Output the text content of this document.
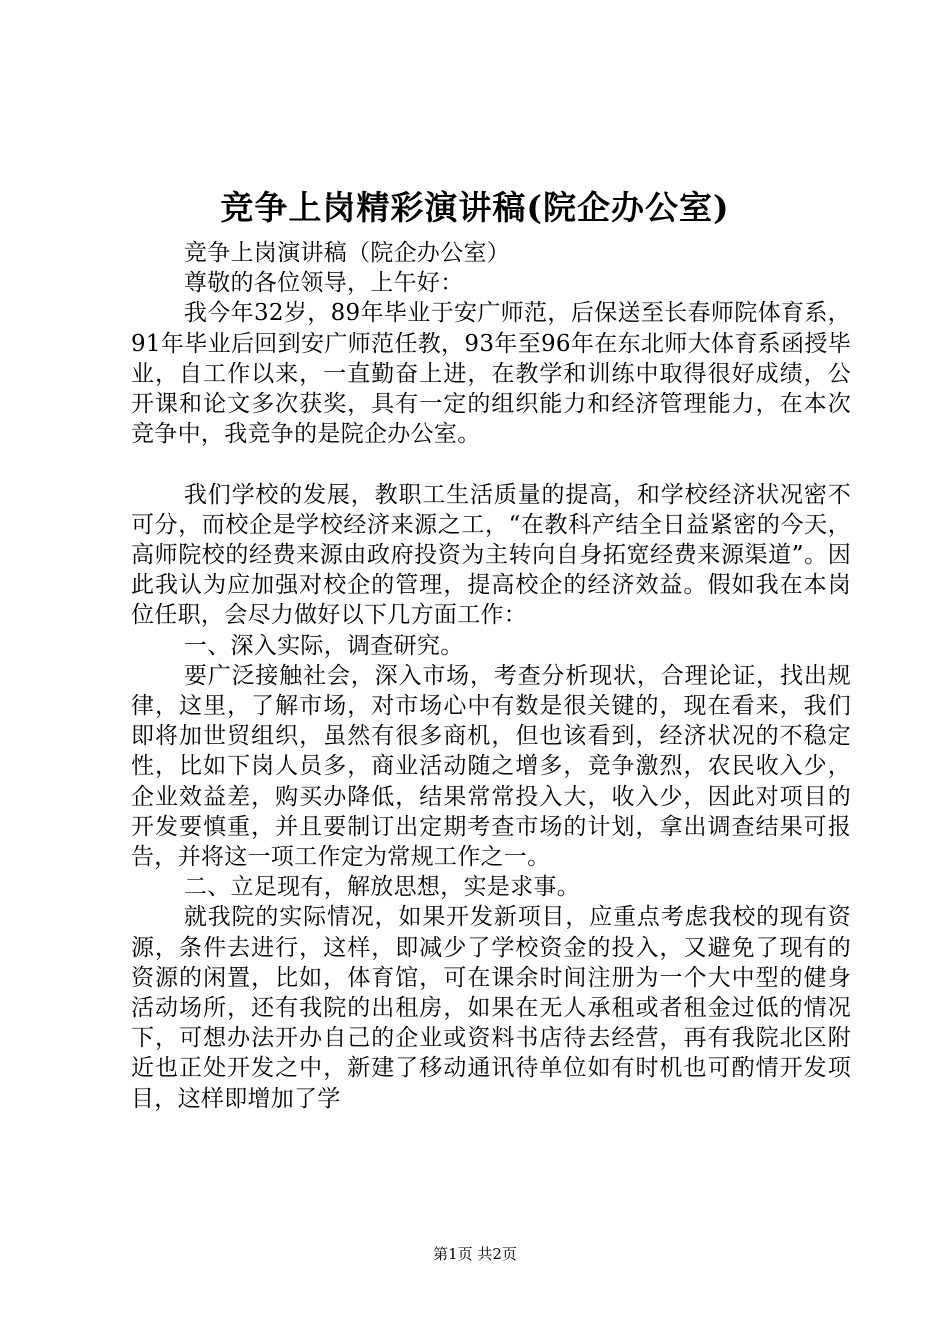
竞争上岗精彩演讲稿(院企办公室)

竞争上岗演讲稿（院企办公室）

尊敬的各位领导，上午好：

我今年32岁，89年毕业于安广师范，后保送至长春师院体育系，91年毕业后回到安广师范任教，93年至96年在东北师大体育系函授毕业，自工作以来，一直勤奋上进，在教学和训练中取得很好成绩，公开课和论文多次获奖，具有一定的组织能力和经济管理能力，在本次竞争中，我竞争的是院企办公室。

我们学校的发展，教职工生活质量的提高，和学校经济状况密不可分，而校企是学校经济来源之工，“在教科产结全日益紧密的今天，高师院校的经费来源由政府投资为主转向自身拓宽经费来源渠道”。因此我认为应加强对校企的管理，提高校企的经济效益。假如我在本岗位任职，会尽力做好以下几方面工作：

一、深入实际，调查研究。

要广泛接触社会，深入市场，考查分析现状，合理论证，找出规律，这里，了解市场，对市场心中有数是很关键的，现在看来，我们即将加世贸组织，虽然有很多商机，但也该看到，经济状况的不稳定性，比如下岗人员多，商业活动随之增多，竞争激烈，农民收入少，企业效益差，购买办降低，结果常常投入大，收入少，因此对项目的开发要慎重，并且要制订出定期考查市场的计划，拿出调查结果可报告，并将这一项工作定为常规工作之一。

二、立足现有，解放思想，实是求事。

就我院的实际情况，如果开发新项目，应重点考虑我校的现有资源，条件去进行，这样，即减少了学校资金的投入，又避免了现有的资源的闲置，比如，体育馆，可在课余时间注册为一个大中型的健身活动场所，还有我院的出租房，如果在无人承租或者租金过低的情况下，可想办法开办自己的企业或资料书店待去经营，再有我院北区附近也正处开发之中，新建了移动通讯待单位如有时机也可酌情开发项目，这样即增加了学

第1页 共2页
